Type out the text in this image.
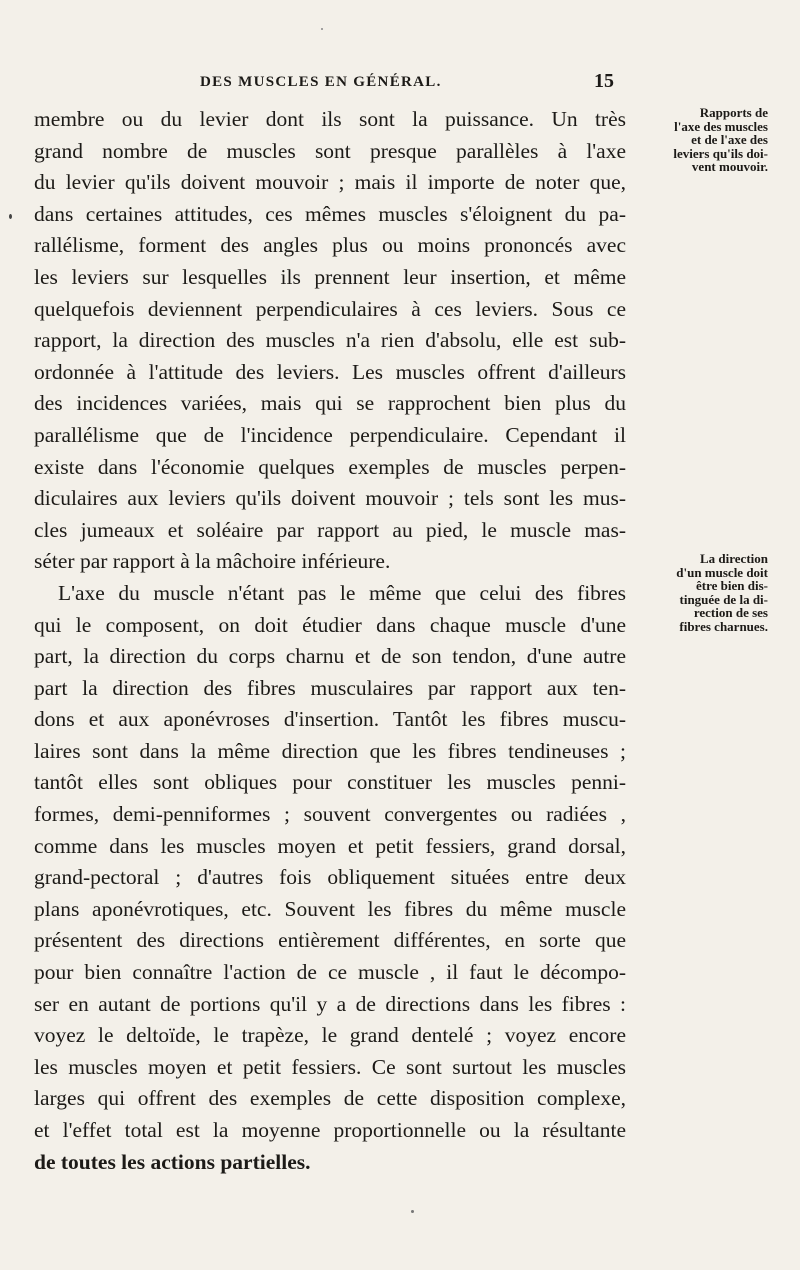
DES MUSCLES EN GÉNÉRAL.	15
membre ou du levier dont ils sont la puissance. Un très
grand nombre de muscles sont presque parallèles à l'axe
du levier qu'ils doivent mouvoir ; mais il importe de noter que,
dans certaines attitudes, ces mêmes muscles s'éloignent du pa-
rallélisme, forment des angles plus ou moins prononcés avec
les leviers sur lesquelles ils prennent leur insertion, et même
quelquefois deviennent perpendiculaires à ces leviers. Sous ce
rapport, la direction des muscles n'a rien d'absolu, elle est sub-
ordonnée à l'attitude des leviers. Les muscles offrent d'ailleurs
des incidences variées, mais qui se rapprochent bien plus du
parallélisme que de l'incidence perpendiculaire. Cependant il
existe dans l'économie quelques exemples de muscles perpen-
diculaires aux leviers qu'ils doivent mouvoir ; tels sont les mus-
cles jumeaux et soléaire par rapport au pied, le muscle mas-
séter par rapport à la mâchoire inférieure.
L'axe du muscle n'étant pas le même que celui des fibres
qui le composent, on doit étudier dans chaque muscle d'une
part, la direction du corps charnu et de son tendon, d'une autre
part la direction des fibres musculaires par rapport aux ten-
dons et aux aponévroses d'insertion. Tantôt les fibres muscu-
laires sont dans la même direction que les fibres tendineuses ;
tantôt elles sont obliques pour constituer les muscles penni-
formes, demi-penniformes ; souvent convergentes ou radiées ,
comme dans les muscles moyen et petit fessiers, grand dorsal,
grand-pectoral ; d'autres fois obliquement situées entre deux
plans aponévrotiques, etc. Souvent les fibres du même muscle
présentent des directions entièrement différentes, en sorte que
pour bien connaître l'action de ce muscle , il faut le décompo-
ser en autant de portions qu'il y a de directions dans les fibres :
voyez le deltoïde, le trapèze, le grand dentelé ; voyez encore
les muscles moyen et petit fessiers. Ce sont surtout les muscles
larges qui offrent des exemples de cette disposition complexe,
et l'effet total est la moyenne proportionnelle ou la résultante
de toutes les actions partielles.
Rapports de
l'axe des muscles
et de l'axe des
leviers qu'ils doi-
vent mouvoir.
La direction
d'un muscle doit
être bien dis-
tinguée de la di-
rection de ses
fibres charnues.
